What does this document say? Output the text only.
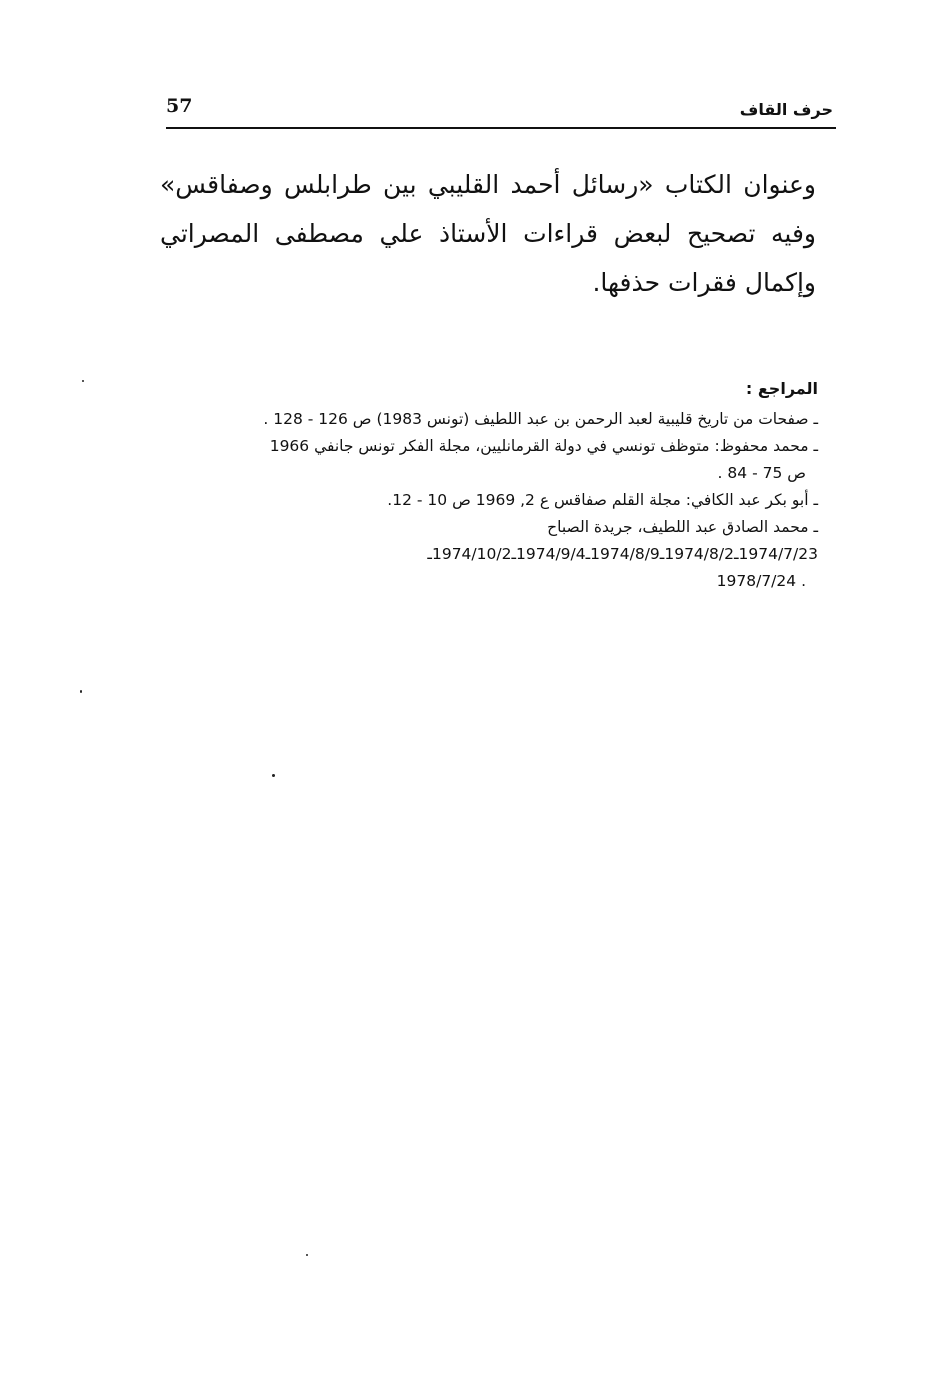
57	حرف القاف

وعنوان الكتاب «رسائل أحمد القليبي بين طرابلس وصفاقس» وفيه تصحيح لبعض قراءات الأستاذ علي مصطفى المصراتي وإكمال فقرات حذفها.

المراجع :

ـ صفحات من تاريخ قليبية لعبد الرحمن بن عبد اللطيف (تونس 1983) ص 126 - 128 .

ـ محمد محفوظ: متوظف تونسي في دولة القرمانليين، مجلة الفكر تونس جانفي 1966

ص 75 - 84 .

ـ أبو بكر عبد الكافي: مجلة القلم صفاقس ع 2, 1969 ص 10 - 12.

ـ محمد الصادق عبد اللطيف، جريدة الصباح 1974/7/23ـ1974/8/2ـ1974/8/9ـ1974/9/4ـ1974/10/2ـ

. 1978/7/24
